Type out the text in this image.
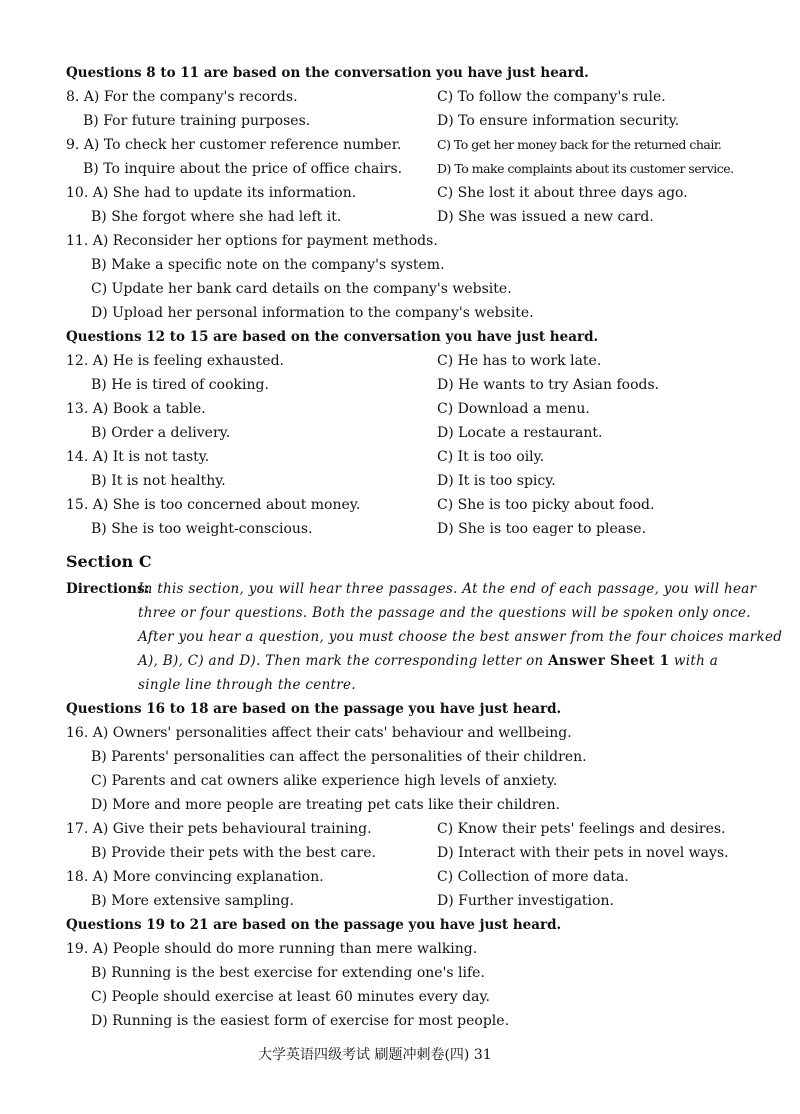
Questions 8 to 11 are based on the conversation you have just heard.
8. A) For the company's records.	C) To follow the company's rule.
B) For future training purposes.	D) To ensure information security.
9. A) To check her customer reference number.	C) To get her money back for the returned chair.
B) To inquire about the price of office chairs.	D) To make complaints about its customer service.
10. A) She had to update its information.	C) She lost it about three days ago.
B) She forgot where she had left it.	D) She was issued a new card.
11. A) Reconsider her options for payment methods.
B) Make a specific note on the company's system.
C) Update her bank card details on the company's website.
D) Upload her personal information to the company's website.
Questions 12 to 15 are based on the conversation you have just heard.
12. A) He is feeling exhausted.	C) He has to work late.
B) He is tired of cooking.	D) He wants to try Asian foods.
13. A) Book a table.	C) Download a menu.
B) Order a delivery.	D) Locate a restaurant.
14. A) It is not tasty.	C) It is too oily.
B) It is not healthy.	D) It is too spicy.
15. A) She is too concerned about money.	C) She is too picky about food.
B) She is too weight-conscious.	D) She is too eager to please.
Section C
Directions:
In this section, you will hear three passages. At the end of each passage, you will hear
three or four questions. Both the passage and the questions will be spoken only once.
After you hear a question, you must choose the best answer from the four choices marked
A), B), C) and D). Then mark the corresponding letter on Answer Sheet 1 with a
single line through the centre.
Questions 16 to 18 are based on the passage you have just heard.
16. A) Owners' personalities affect their cats' behaviour and wellbeing.
B) Parents' personalities can affect the personalities of their children.
C) Parents and cat owners alike experience high levels of anxiety.
D) More and more people are treating pet cats like their children.
17. A) Give their pets behavioural training.	C) Know their pets' feelings and desires.
B) Provide their pets with the best care.	D) Interact with their pets in novel ways.
18. A) More convincing explanation.	C) Collection of more data.
B) More extensive sampling.	D) Further investigation.
Questions 19 to 21 are based on the passage you have just heard.
19. A) People should do more running than mere walking.
B) Running is the best exercise for extending one's life.
C) People should exercise at least 60 minutes every day.
D) Running is the easiest form of exercise for most people.
大学英语四级考试 刷题冲刺卷(四) 31
